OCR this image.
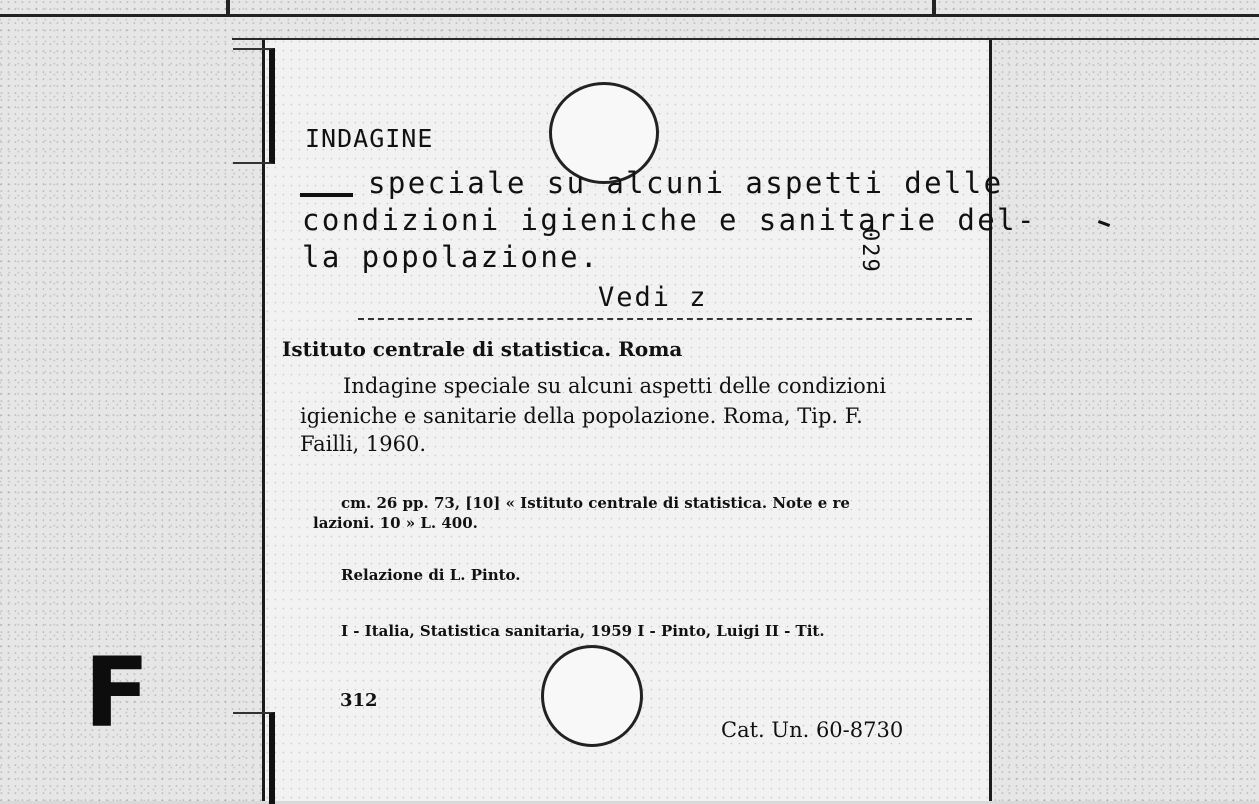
INDAGINE
speciale su alcuni aspetti delle
condizioni igieniche e sanitarie del-
la popolazione.	029
Vedi z
Istituto centrale di statistica. Roma
Indagine speciale su alcuni aspetti delle condizioni
igieniche e sanitarie della popolazione. Roma, Tip. F.
Failli, 1960.
cm. 26 pp. 73, [10] « Istituto centrale di statistica. Note e re
lazioni. 10 » L. 400.
Relazione di L. Pinto.
I - Italia, Statistica sanitaria, 1959 I - Pinto, Luigi II - Tit.
312
Cat. Un. 60-8730
F
